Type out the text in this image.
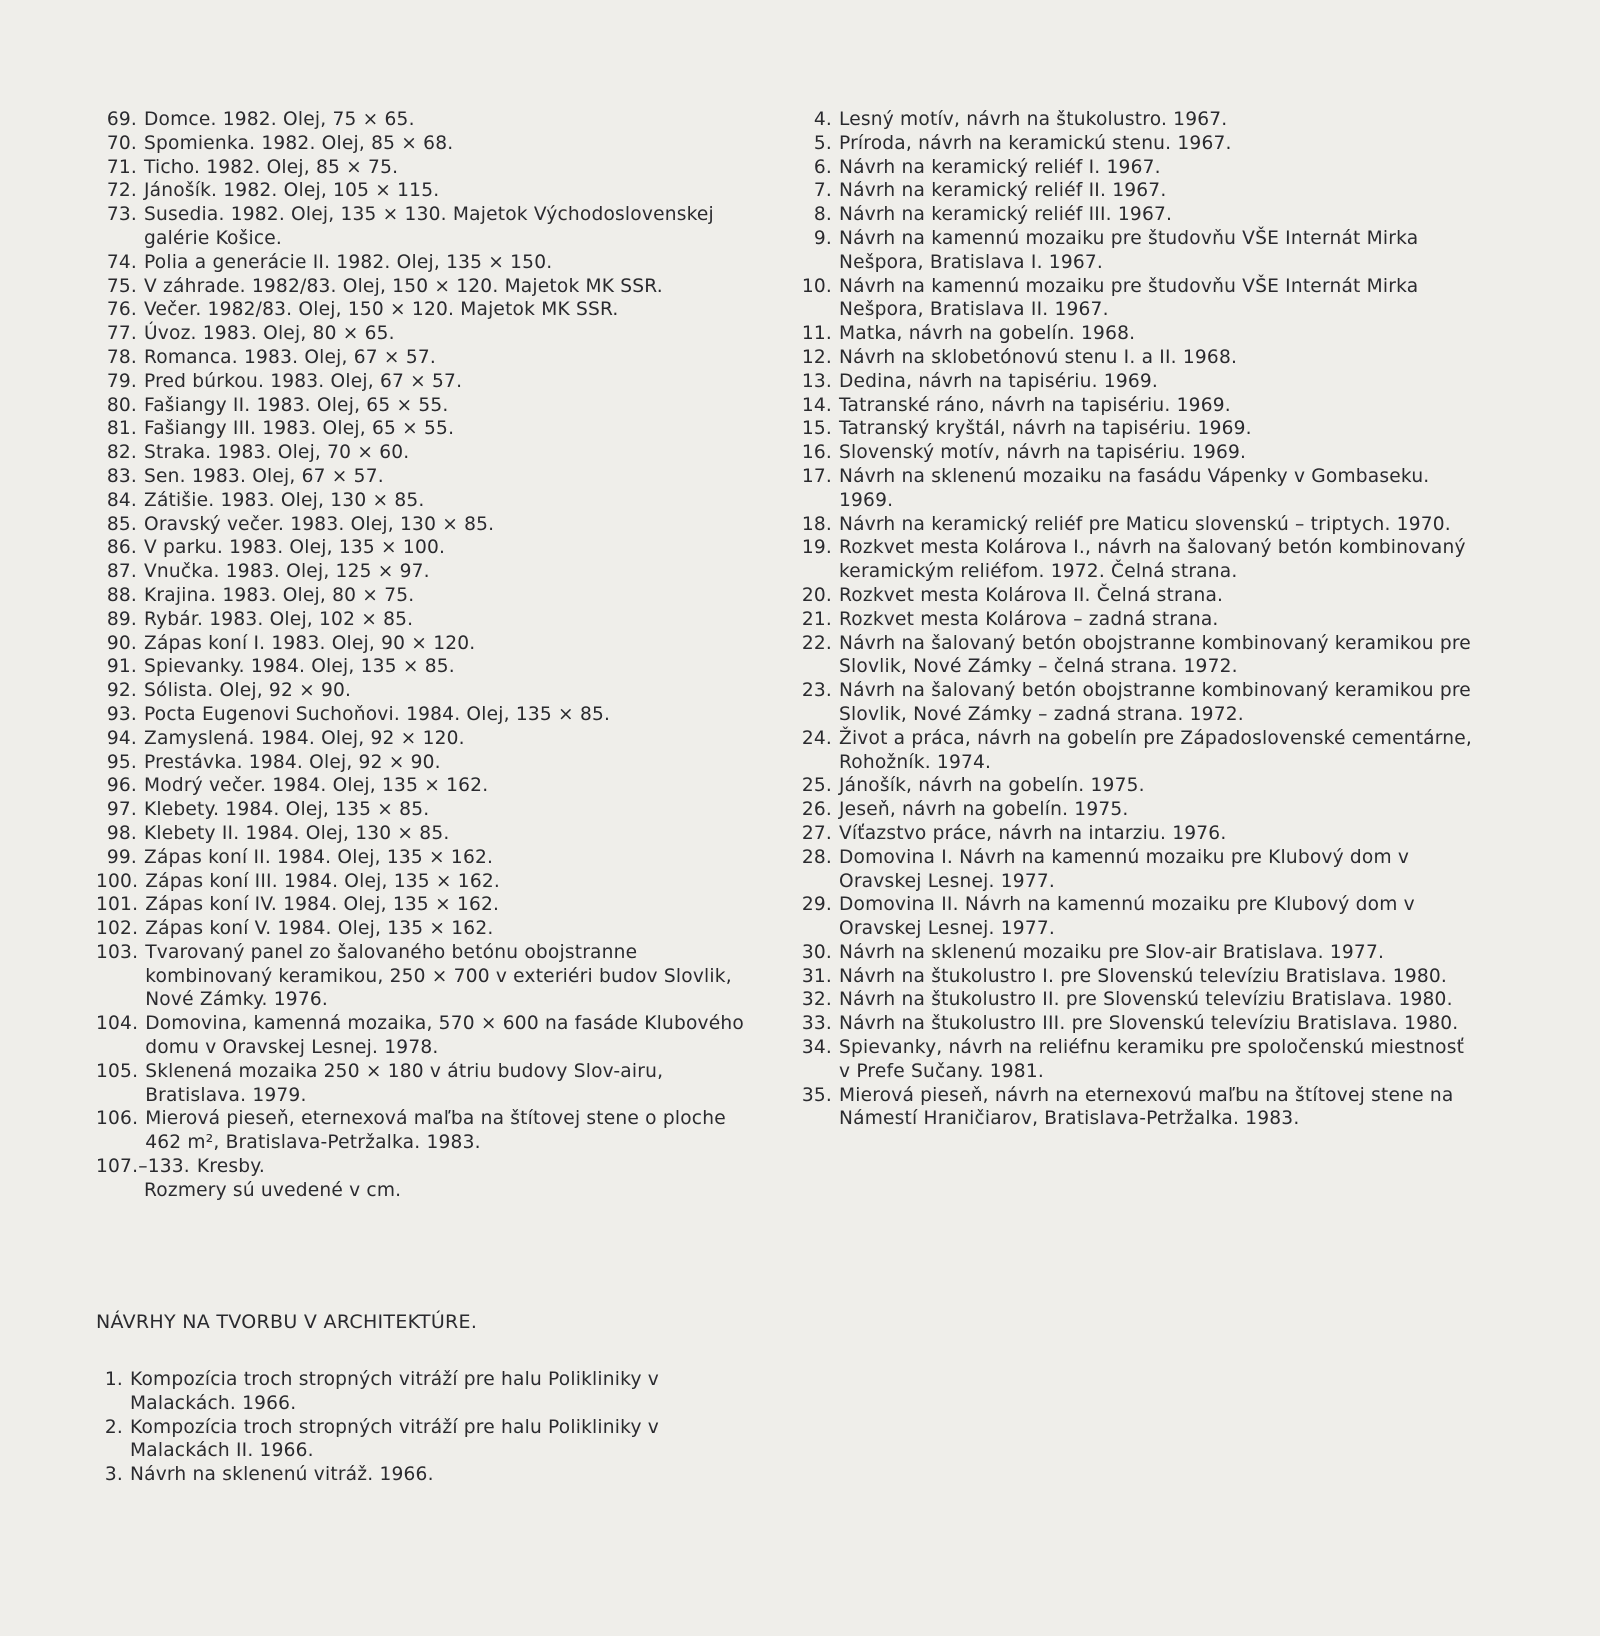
69. Domce. 1982. Olej, 75 × 65.
70. Spomienka. 1982. Olej, 85 × 68.
71. Ticho. 1982. Olej, 85 × 75.
72. Jánošík. 1982. Olej, 105 × 115.
73. Susedia. 1982. Olej, 135 × 130. Majetok Východoslovenskej galérie Košice.
74. Polia a generácie II. 1982. Olej, 135 × 150.
75. V záhrade. 1982/83. Olej, 150 × 120. Majetok MK SSR.
76. Večer. 1982/83. Olej, 150 × 120. Majetok MK SSR.
77. Úvoz. 1983. Olej, 80 × 65.
78. Romanca. 1983. Olej, 67 × 57.
79. Pred búrkou. 1983. Olej, 67 × 57.
80. Fašiangy II. 1983. Olej, 65 × 55.
81. Fašiangy III. 1983. Olej, 65 × 55.
82. Straka. 1983. Olej, 70 × 60.
83. Sen. 1983. Olej, 67 × 57.
84. Zátišie. 1983. Olej, 130 × 85.
85. Oravský večer. 1983. Olej, 130 × 85.
86. V parku. 1983. Olej, 135 × 100.
87. Vnučka. 1983. Olej, 125 × 97.
88. Krajina. 1983. Olej, 80 × 75.
89. Rybár. 1983. Olej, 102 × 85.
90. Zápas koní I. 1983. Olej, 90 × 120.
91. Spievanky. 1984. Olej, 135 × 85.
92. Sólista. Olej, 92 × 90.
93. Pocta Eugenovi Suchoňovi. 1984. Olej, 135 × 85.
94. Zamyslená. 1984. Olej, 92 × 120.
95. Prestávka. 1984. Olej, 92 × 90.
96. Modrý večer. 1984. Olej, 135 × 162.
97. Klebety. 1984. Olej, 135 × 85.
98. Klebety II. 1984. Olej, 130 × 85.
99. Zápas koní II. 1984. Olej, 135 × 162.
100. Zápas koní III. 1984. Olej, 135 × 162.
101. Zápas koní IV. 1984. Olej, 135 × 162.
102. Zápas koní V. 1984. Olej, 135 × 162.
103. Tvarovaný panel zo šalovaného betónu obojstranne kombinovaný keramikou, 250 × 700 v exteriéri budov Slovlik, Nové Zámky. 1976.
104. Domovina, kamenná mozaika, 570 × 600 na fasáde Klubového domu v Oravskej Lesnej. 1978.
105. Sklenená mozaika 250 × 180 v átriu budovy Slov-airu, Bratislava. 1979.
106. Mierová pieseň, eternexová maľba na štítovej stene o ploche 462 m², Bratislava-Petržalka. 1983.
107.–133. Kresby.
Rozmery sú uvedené v cm.
NÁVRHY NA TVORBU V ARCHITEKTÚRE.
1. Kompozícia troch stropných vitráží pre halu Polikliniky v Malackách. 1966.
2. Kompozícia troch stropných vitráží pre halu Polikliniky v Malackách II. 1966.
3. Návrh na sklenenú vitráž. 1966.
4. Lesný motív, návrh na štukolustro. 1967.
5. Príroda, návrh na keramickú stenu. 1967.
6. Návrh na keramický reliéf I. 1967.
7. Návrh na keramický reliéf II. 1967.
8. Návrh na keramický reliéf III. 1967.
9. Návrh na kamennú mozaiku pre študovňu VŠE Internát Mirka Nešpora, Bratislava I. 1967.
10. Návrh na kamennú mozaiku pre študovňu VŠE Internát Mirka Nešpora, Bratislava II. 1967.
11. Matka, návrh na gobelín. 1968.
12. Návrh na sklobetónovú stenu I. a II. 1968.
13. Dedina, návrh na tapisériu. 1969.
14. Tatranské ráno, návrh na tapisériu. 1969.
15. Tatranský kryštál, návrh na tapisériu. 1969.
16. Slovenský motív, návrh na tapisériu. 1969.
17. Návrh na sklenenú mozaiku na fasádu Vápenky v Gombaseku. 1969.
18. Návrh na keramický reliéf pre Maticu slovenskú – triptych. 1970.
19. Rozkvet mesta Kolárova I., návrh na šalovaný betón kombinovaný keramickým reliéfom. 1972. Čelná strana.
20. Rozkvet mesta Kolárova II. Čelná strana.
21. Rozkvet mesta Kolárova – zadná strana.
22. Návrh na šalovaný betón obojstranne kombinovaný keramikou pre Slovlik, Nové Zámky – čelná strana. 1972.
23. Návrh na šalovaný betón obojstranne kombinovaný keramikou pre Slovlik, Nové Zámky – zadná strana. 1972.
24. Život a práca, návrh na gobelín pre Západoslovenské cementárne, Rohožník. 1974.
25. Jánošík, návrh na gobelín. 1975.
26. Jeseň, návrh na gobelín. 1975.
27. Víťazstvo práce, návrh na intarziu. 1976.
28. Domovina I. Návrh na kamennú mozaiku pre Klubový dom v Oravskej Lesnej. 1977.
29. Domovina II. Návrh na kamennú mozaiku pre Klubový dom v Oravskej Lesnej. 1977.
30. Návrh na sklenenú mozaiku pre Slov-air Bratislava. 1977.
31. Návrh na štukolustro I. pre Slovenskú televíziu Bratislava. 1980.
32. Návrh na štukolustro II. pre Slovenskú televíziu Bratislava. 1980.
33. Návrh na štukolustro III. pre Slovenskú televíziu Bratislava. 1980.
34. Spievanky, návrh na reliéfnu keramiku pre spoločenskú miestnosť v Prefe Sučany. 1981.
35. Mierová pieseň, návrh na eternexovú maľbu na štítovej stene na Námestí Hraničiarov, Bratislava-Petržalka. 1983.
